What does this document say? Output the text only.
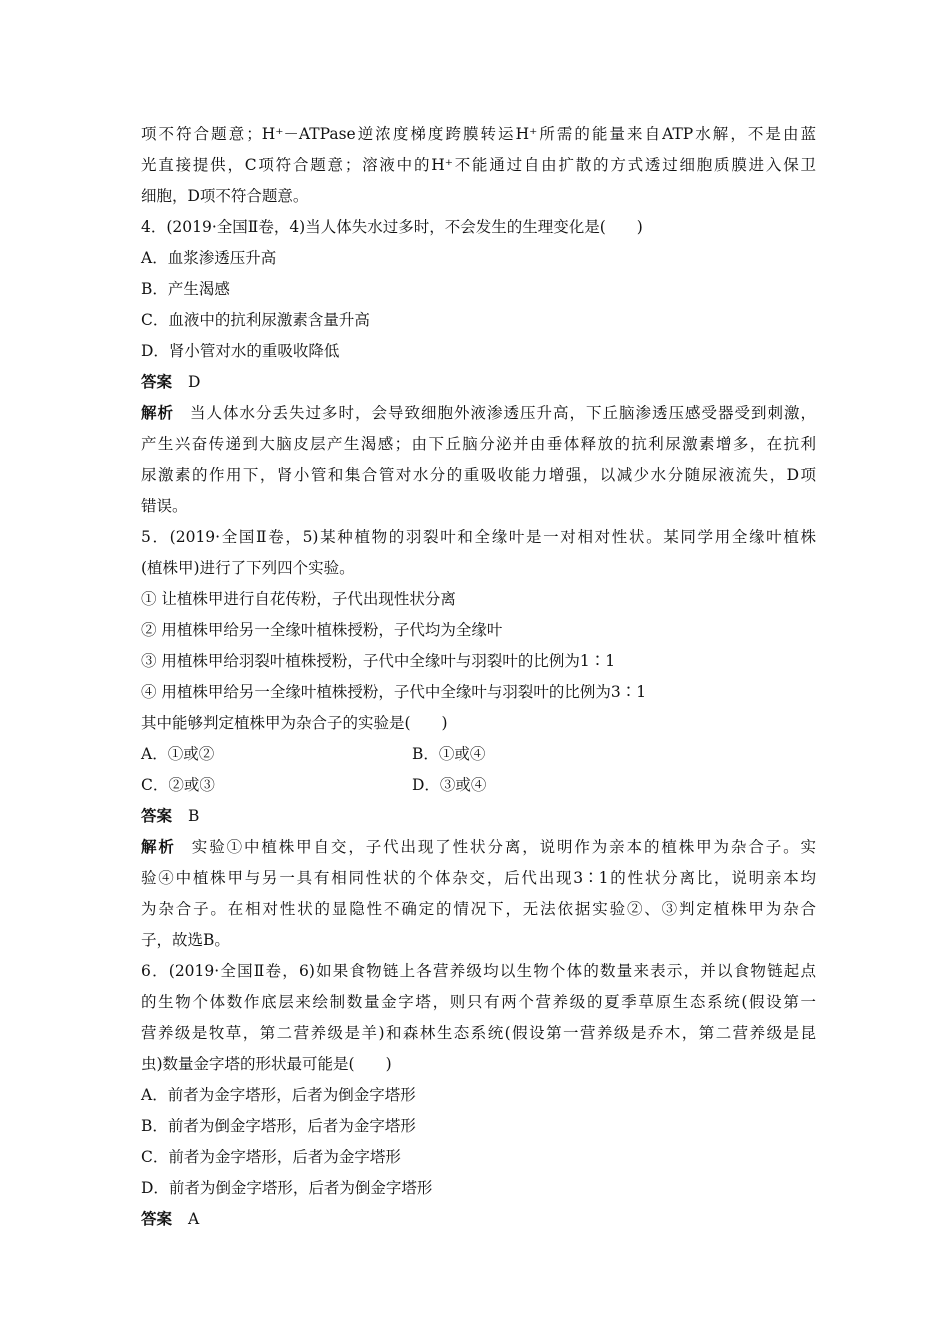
项不符合题意；H⁺－ATPase逆浓度梯度跨膜转运H⁺所需的能量来自ATP水解，不是由蓝
光直接提供，C项符合题意；溶液中的H⁺不能通过自由扩散的方式透过细胞质膜进入保卫
细胞，D项不符合题意。
4．(2019·全国Ⅱ卷，4)当人体失水过多时，不会发生的生理变化是(　　)
A．血浆渗透压升高
B．产生渴感
C．血液中的抗利尿激素含量升高
D．肾小管对水的重吸收降低
答案 D
解析 当人体水分丢失过多时，会导致细胞外液渗透压升高，下丘脑渗透压感受器受到刺激，
产生兴奋传递到大脑皮层产生渴感；由下丘脑分泌并由垂体释放的抗利尿激素增多，在抗利
尿激素的作用下，肾小管和集合管对水分的重吸收能力增强，以减少水分随尿液流失，D项
错误。
5．(2019·全国Ⅱ卷，5)某种植物的羽裂叶和全缘叶是一对相对性状。某同学用全缘叶植株
(植株甲)进行了下列四个实验。
① 让植株甲进行自花传粉，子代出现性状分离
② 用植株甲给另一全缘叶植株授粉，子代均为全缘叶
③ 用植株甲给羽裂叶植株授粉，子代中全缘叶与羽裂叶的比例为1∶1
④ 用植株甲给另一全缘叶植株授粉，子代中全缘叶与羽裂叶的比例为3∶1
其中能够判定植株甲为杂合子的实验是(　　)
A．①或②	B．①或④
C．②或③	D．③或④
答案 B
解析 实验①中植株甲自交，子代出现了性状分离，说明作为亲本的植株甲为杂合子。实
验④中植株甲与另一具有相同性状的个体杂交，后代出现3∶1的性状分离比，说明亲本均
为杂合子。在相对性状的显隐性不确定的情况下，无法依据实验②、③判定植株甲为杂合
子，故选B。
6．(2019·全国Ⅱ卷，6)如果食物链上各营养级均以生物个体的数量来表示，并以食物链起点
的生物个体数作底层来绘制数量金字塔，则只有两个营养级的夏季草原生态系统(假设第一
营养级是牧草，第二营养级是羊)和森林生态系统(假设第一营养级是乔木，第二营养级是昆
虫)数量金字塔的形状最可能是(　　)
A．前者为金字塔形，后者为倒金字塔形
B．前者为倒金字塔形，后者为金字塔形
C．前者为金字塔形，后者为金字塔形
D．前者为倒金字塔形，后者为倒金字塔形
答案 A
